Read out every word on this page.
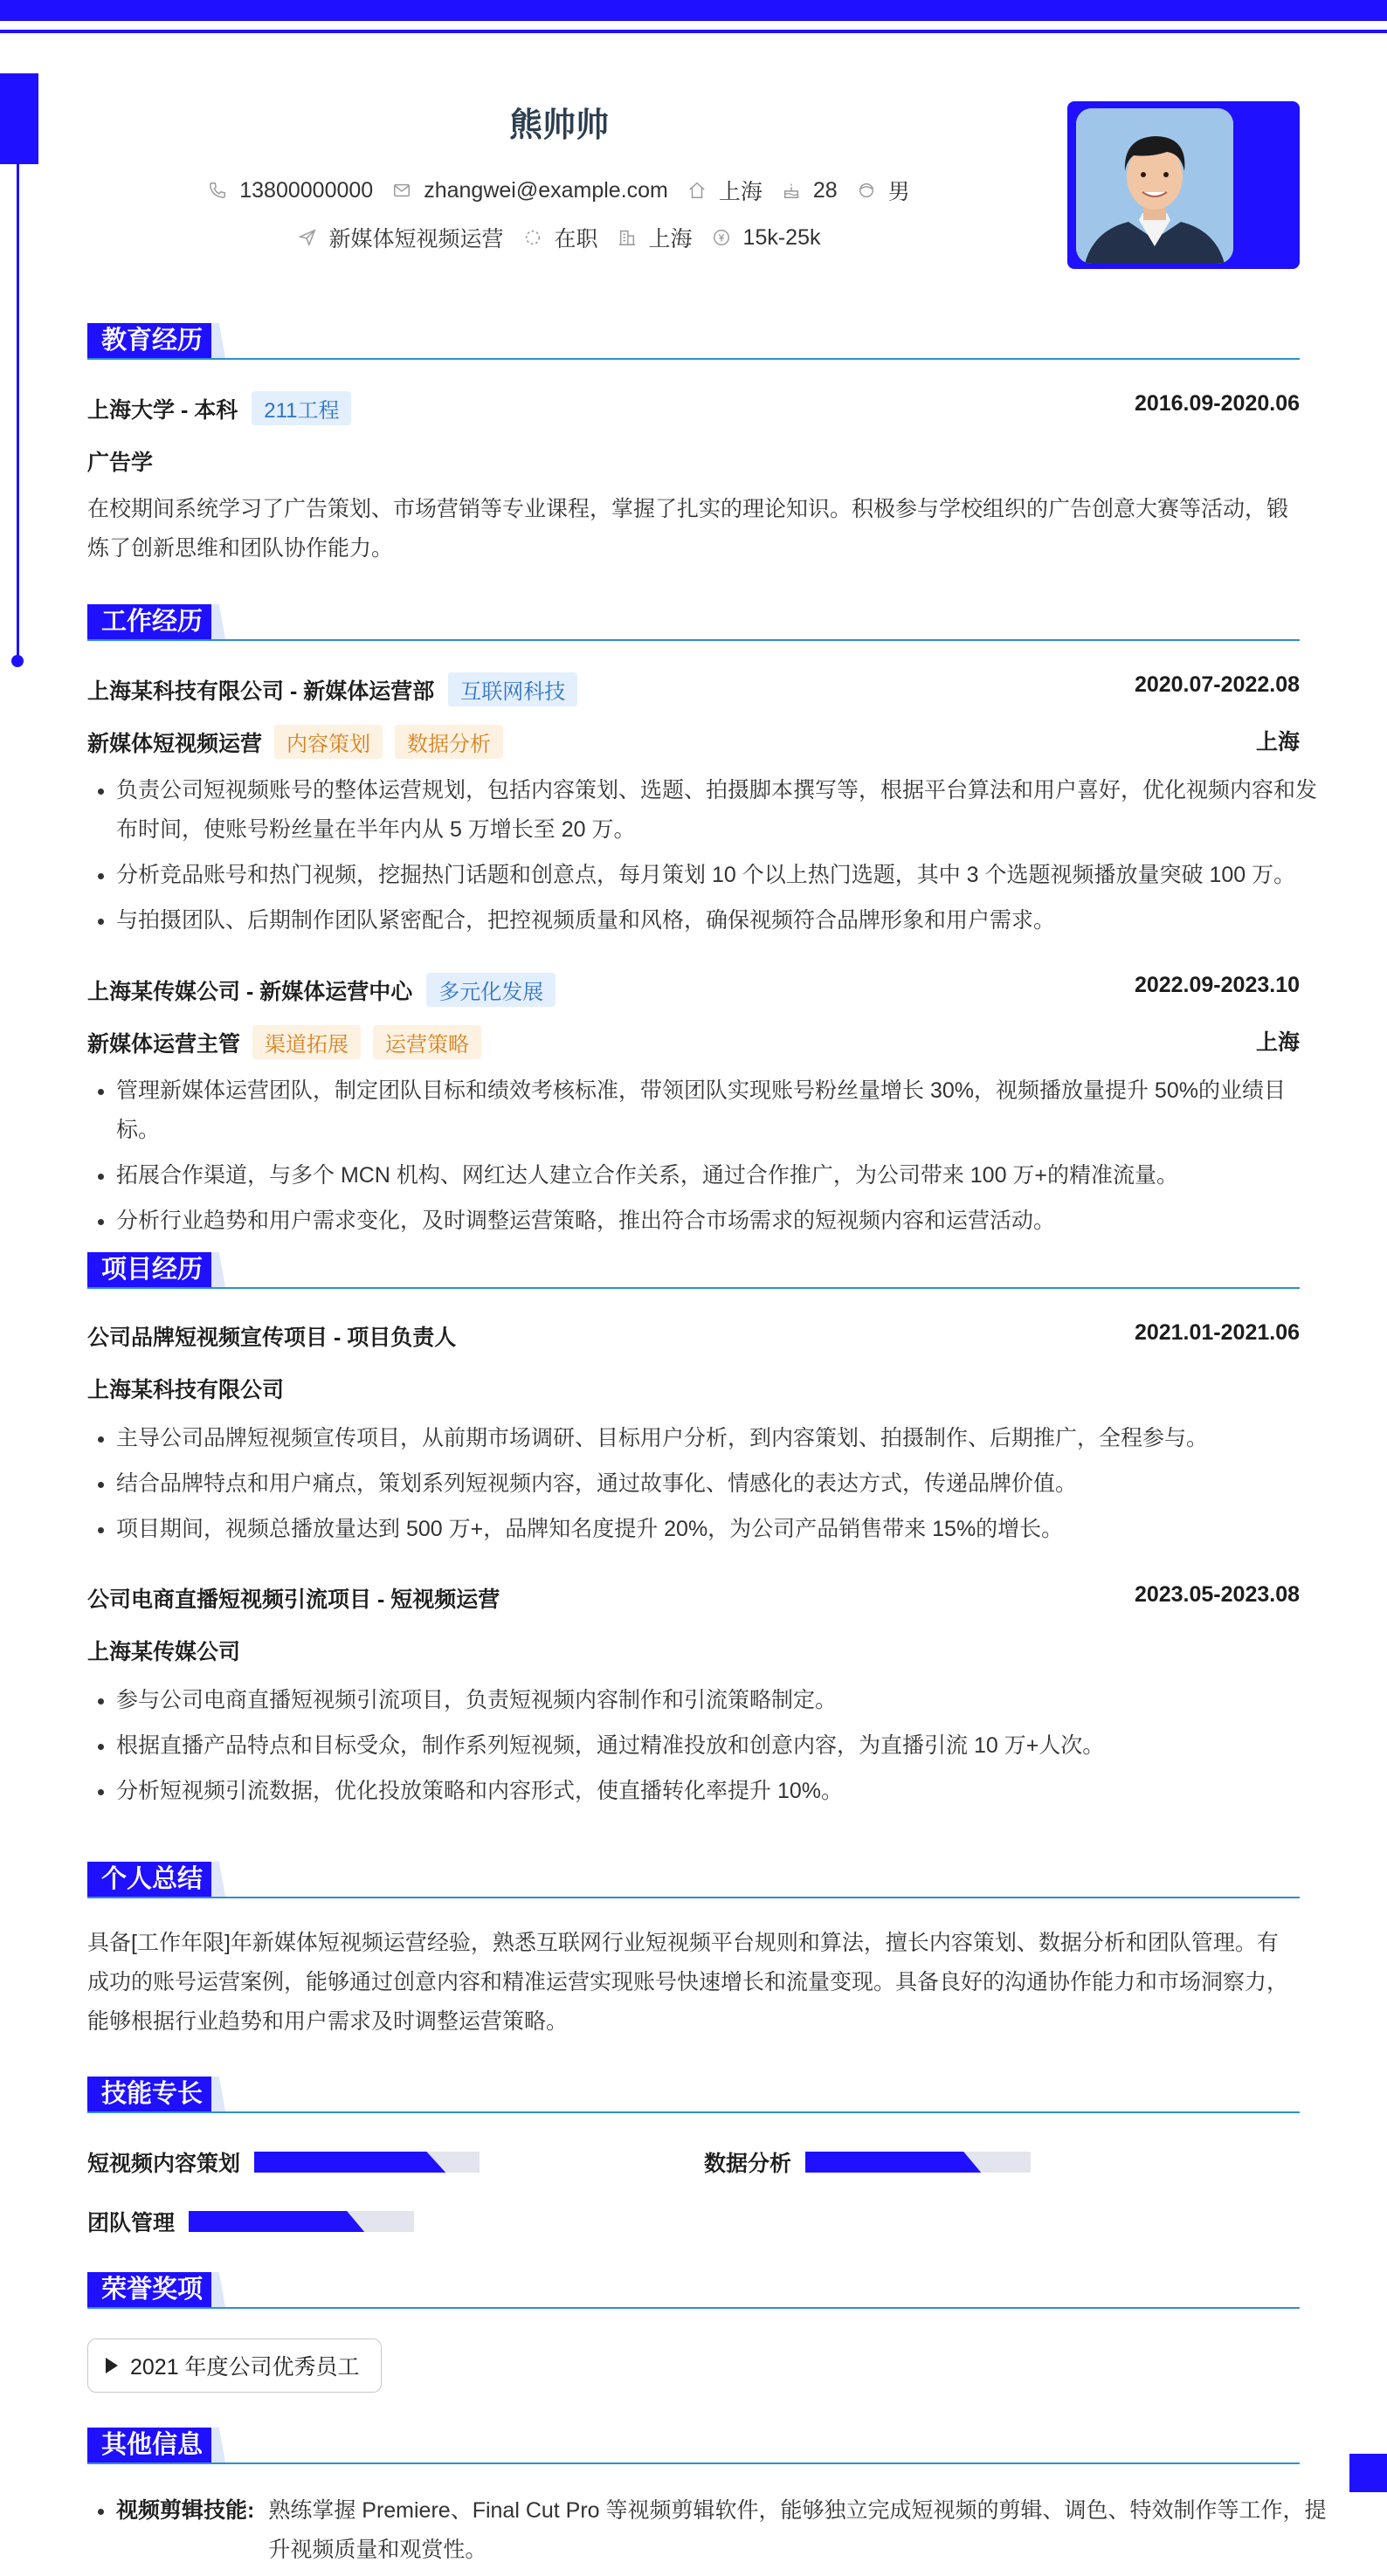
熊帅帅
13800000000 zhangwei@example.com 上海 28 男
新媒体短视频运营 在职 上海 15k-25k
教育经历
上海大学 - 本科 211工程	2016.09-2020.06
广告学

在校期间系统学习了广告策划、市场营销等专业课程，掌握了扎实的理论知识。积极参与学校组织的广告创意大赛等活动，锻炼了创新思维和团队协作能力。

工作经历
上海某科技有限公司 - 新媒体运营部 互联网科技	2020.07-2022.08
新媒体短视频运营 内容策划 数据分析	上海
• 负责公司短视频账号的整体运营规划，包括内容策划、选题、拍摄脚本撰写等，根据平台算法和用户喜好，优化视频内容和发布时间，使账号粉丝量在半年内从 5 万增长至 20 万。
• 分析竞品账号和热门视频，挖掘热门话题和创意点，每月策划 10 个以上热门选题，其中 3 个选题视频播放量突破 100 万。
• 与拍摄团队、后期制作团队紧密配合，把控视频质量和风格，确保视频符合品牌形象和用户需求。
上海某传媒公司 - 新媒体运营中心 多元化发展	2022.09-2023.10
新媒体运营主管 渠道拓展 运营策略	上海
• 管理新媒体运营团队，制定团队目标和绩效考核标准，带领团队实现账号粉丝量增长 30%，视频播放量提升 50%的业绩目标。
• 拓展合作渠道，与多个 MCN 机构、网红达人建立合作关系，通过合作推广，为公司带来 100 万+的精准流量。
• 分析行业趋势和用户需求变化，及时调整运营策略，推出符合市场需求的短视频内容和运营活动。
项目经历
公司品牌短视频宣传项目 - 项目负责人	2021.01-2021.06
上海某科技有限公司
• 主导公司品牌短视频宣传项目，从前期市场调研、目标用户分析，到内容策划、拍摄制作、后期推广，全程参与。
• 结合品牌特点和用户痛点，策划系列短视频内容，通过故事化、情感化的表达方式，传递品牌价值。
• 项目期间，视频总播放量达到 500 万+，品牌知名度提升 20%，为公司产品销售带来 15%的增长。
公司电商直播短视频引流项目 - 短视频运营	2023.05-2023.08
上海某传媒公司
• 参与公司电商直播短视频引流项目，负责短视频内容制作和引流策略制定。
• 根据直播产品特点和目标受众，制作系列短视频，通过精准投放和创意内容，为直播引流 10 万+人次。
• 分析短视频引流数据，优化投放策略和内容形式，使直播转化率提升 10%。
个人总结

具备[工作年限]年新媒体短视频运营经验，熟悉互联网行业短视频平台规则和算法，擅长内容策划、数据分析和团队管理。有成功的账号运营案例，能够通过创意内容和精准运营实现账号快速增长和流量变现。具备良好的沟通协作能力和市场洞察力，能够根据行业趋势和用户需求及时调整运营策略。

技能专长
短视频内容策划	数据分析
团队管理
荣誉奖项
2021 年度公司优秀员工
其他信息
• 视频剪辑技能: 熟练掌握 Premiere、Final Cut Pro 等视频剪辑软件，能够独立完成短视频的剪辑、调色、特效制作等工作，提升视频质量和观赏性。
